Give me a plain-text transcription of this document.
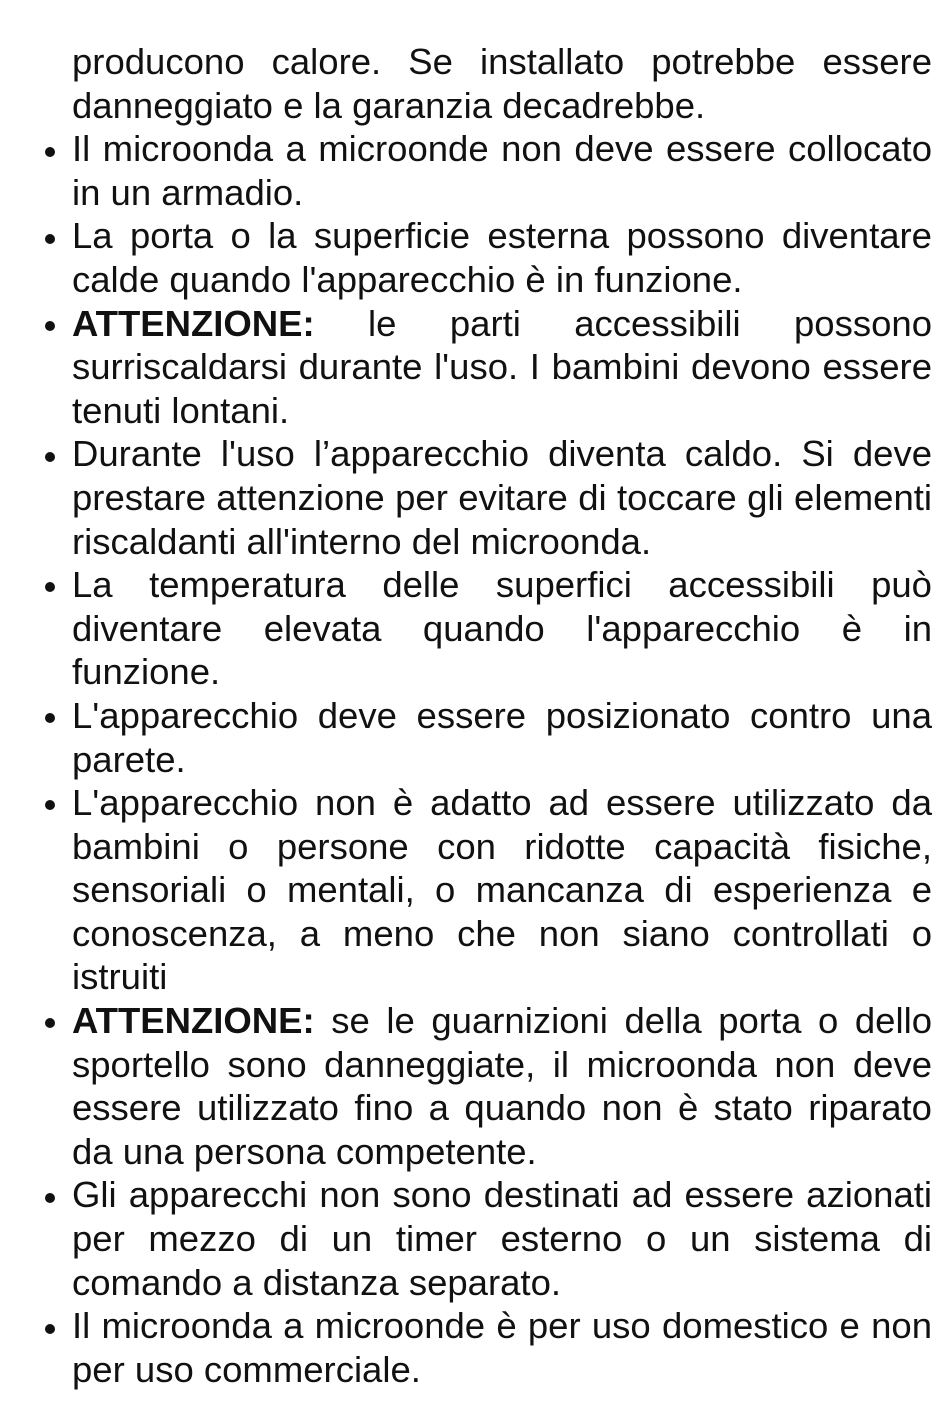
producono calore. Se installato potrebbe essere danneggiato e la garanzia decadrebbe.

Il microonda a microonde non deve essere collocato in un armadio.
La porta o la superficie esterna possono diventare calde quando l'apparecchio è in funzione.
ATTENZIONE: le parti accessibili possono surriscaldarsi durante l'uso. I bambini devono essere tenuti lontani.
Durante l'uso l’apparecchio diventa caldo. Si deve prestare attenzione per evitare di toccare gli elementi riscaldanti all'interno del microonda.
La temperatura delle superfici accessibili può diventare elevata quando l'apparecchio è in funzione.
L'apparecchio deve essere posizionato contro una parete.
L'apparecchio non è adatto ad essere utilizzato da bambini o persone con ridotte capacità fisiche, sensoriali o mentali, o mancanza di esperienza e conoscenza, a meno che non siano controllati o istruiti
ATTENZIONE: se le guarnizioni della porta o dello sportello sono danneggiate, il microonda non deve essere utilizzato fino a quando non è stato riparato da una persona competente.
Gli apparecchi non sono destinati ad essere azionati per mezzo di un timer esterno o un sistema di comando a distanza separato.
Il microonda a microonde è per uso domestico e non per uso commerciale.
